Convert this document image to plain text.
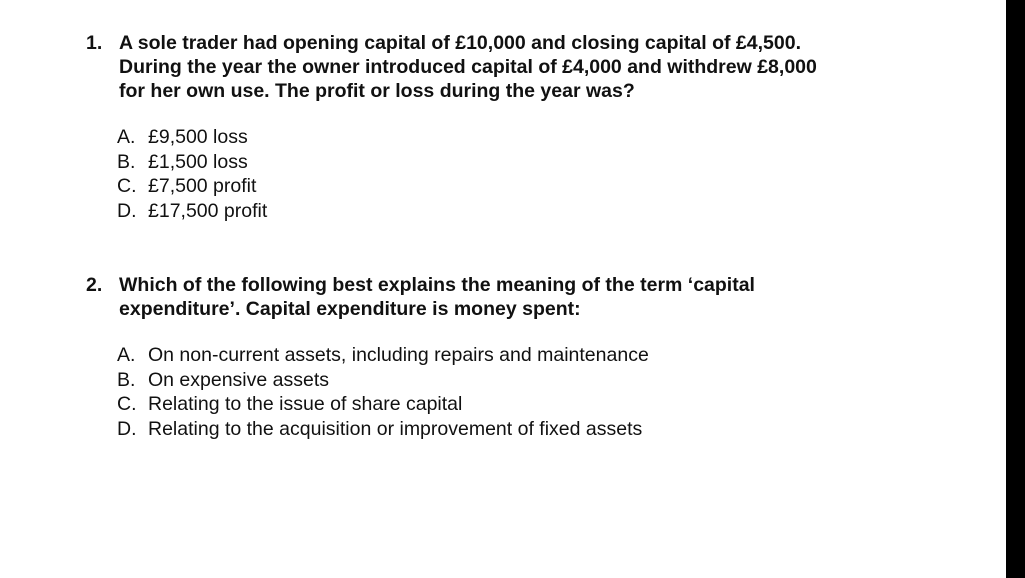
1. A sole trader had opening capital of £10,000 and closing capital of £4,500.
During the year the owner introduced capital of £4,000 and withdrew £8,000
for her own use. The profit or loss during the year was?
A. £9,500 loss
B. £1,500 loss
C. £7,500 profit
D. £17,500 profit
2. Which of the following best explains the meaning of the term ‘capital
expenditure’. Capital expenditure is money spent:
A. On non-current assets, including repairs and maintenance
B. On expensive assets
C. Relating to the issue of share capital
D. Relating to the acquisition or improvement of fixed assets
